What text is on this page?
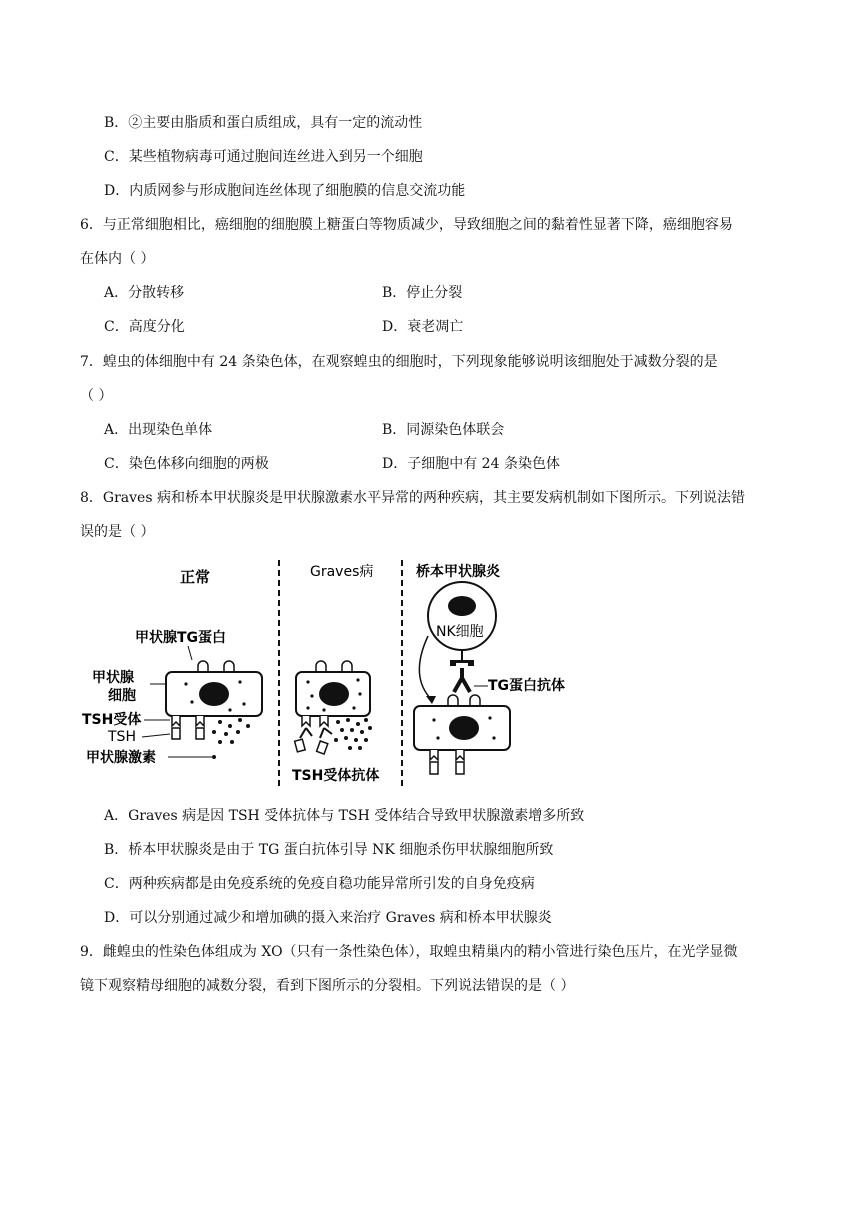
B．②主要由脂质和蛋白质组成，具有一定的流动性
C．某些植物病毒可通过胞间连丝进入到另一个细胞
D．内质网参与形成胞间连丝体现了细胞膜的信息交流功能
6．与正常细胞相比，癌细胞的细胞膜上糖蛋白等物质减少，导致细胞之间的黏着性显著下降，癌细胞容易
在体内（ ）
A．分散转移	B．停止分裂
C．高度分化	D．衰老凋亡
7．蝗虫的体细胞中有 24 条染色体，在观察蝗虫的细胞时，下列现象能够说明该细胞处于减数分裂的是
（ ）
A．出现染色单体	B．同源染色体联会
C．染色体移向细胞的两极	D．子细胞中有 24 条染色体
8．Graves 病和桥本甲状腺炎是甲状腺激素水平异常的两种疾病，其主要发病机制如下图所示。下列说法错
误的是（ ）
正常	Graves病
甲状腺TG蛋白
甲状腺
细胞
TSH受体
TSH
甲状腺激素
TSH受体抗体
桥本甲状腺炎
NK细胞
TG蛋白抗体
A．Graves 病是因 TSH 受体抗体与 TSH 受体结合导致甲状腺激素增多所致
B．桥本甲状腺炎是由于 TG 蛋白抗体引导 NK 细胞杀伤甲状腺细胞所致
C．两种疾病都是由免疫系统的免疫自稳功能异常所引发的自身免疫病
D．可以分别通过减少和增加碘的摄入来治疗 Graves 病和桥本甲状腺炎
9．雌蝗虫的性染色体组成为 XO（只有一条性染色体），取蝗虫精巢内的精小管进行染色压片，在光学显微
镜下观察精母细胞的减数分裂，看到下图所示的分裂相。下列说法错误的是（ ）
